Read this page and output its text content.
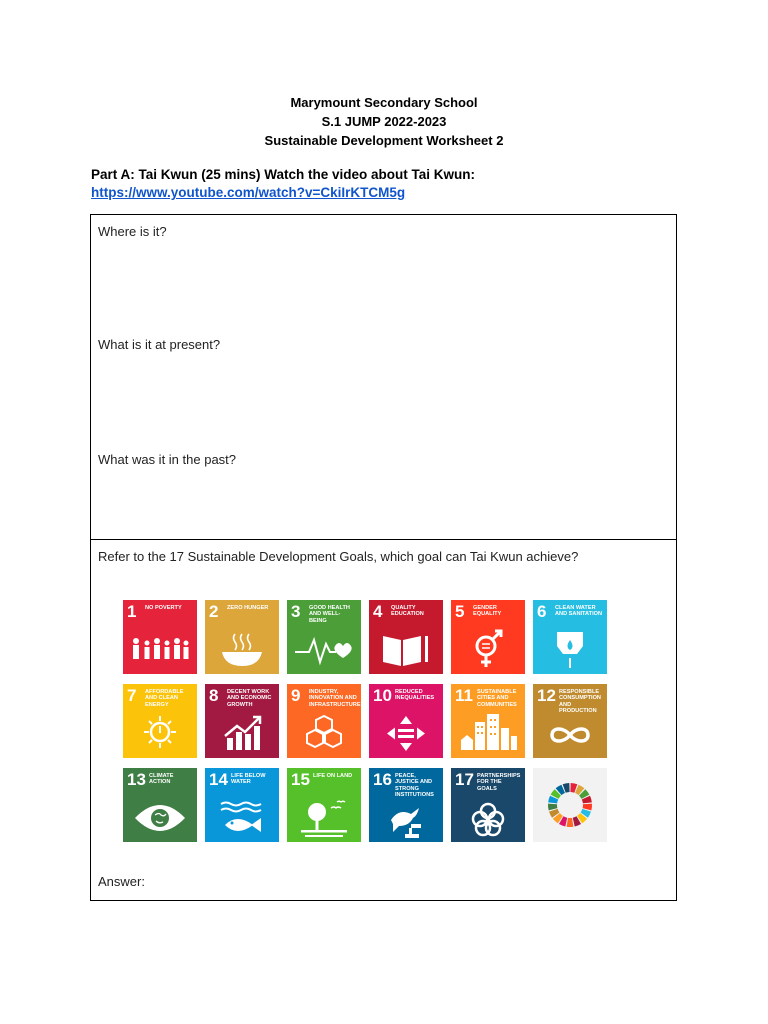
Marymount Secondary School
S.1 JUMP 2022-2023
Sustainable Development Worksheet 2
Part A: Tai Kwun (25 mins) Watch the video about Tai Kwun:
https://www.youtube.com/watch?v=CkiIrKTCM5g
Where is it?
What is it at present?
What was it in the past?
Refer to the 17 Sustainable Development Goals, which goal can Tai Kwun achieve?
1 NO POVERTY	2 ZERO HUNGER	3 GOOD HEALTH AND WELL-BEING	4 QUALITY EDUCATION	5 GENDER EQUALITY	6 CLEAN WATER AND SANITATION
7 AFFORDABLE AND CLEAN ENERGY	8 DECENT WORK AND ECONOMIC GROWTH	9 INDUSTRY, INNOVATION AND INFRASTRUCTURE 10 REDUCED INEQUALITIES	11 SUSTAINABLE CITIES AND COMMUNITIES	12 RESPONSIBLE CONSUMPTION AND PRODUCTION
13 CLIMATE ACTION	14 LIFE BELOW WATER	15 LIFE ON LAND	16 PEACE, JUSTICE AND STRONG INSTITUTIONS
17 PARTNERSHIPS FOR THE GOALS
Answer:
